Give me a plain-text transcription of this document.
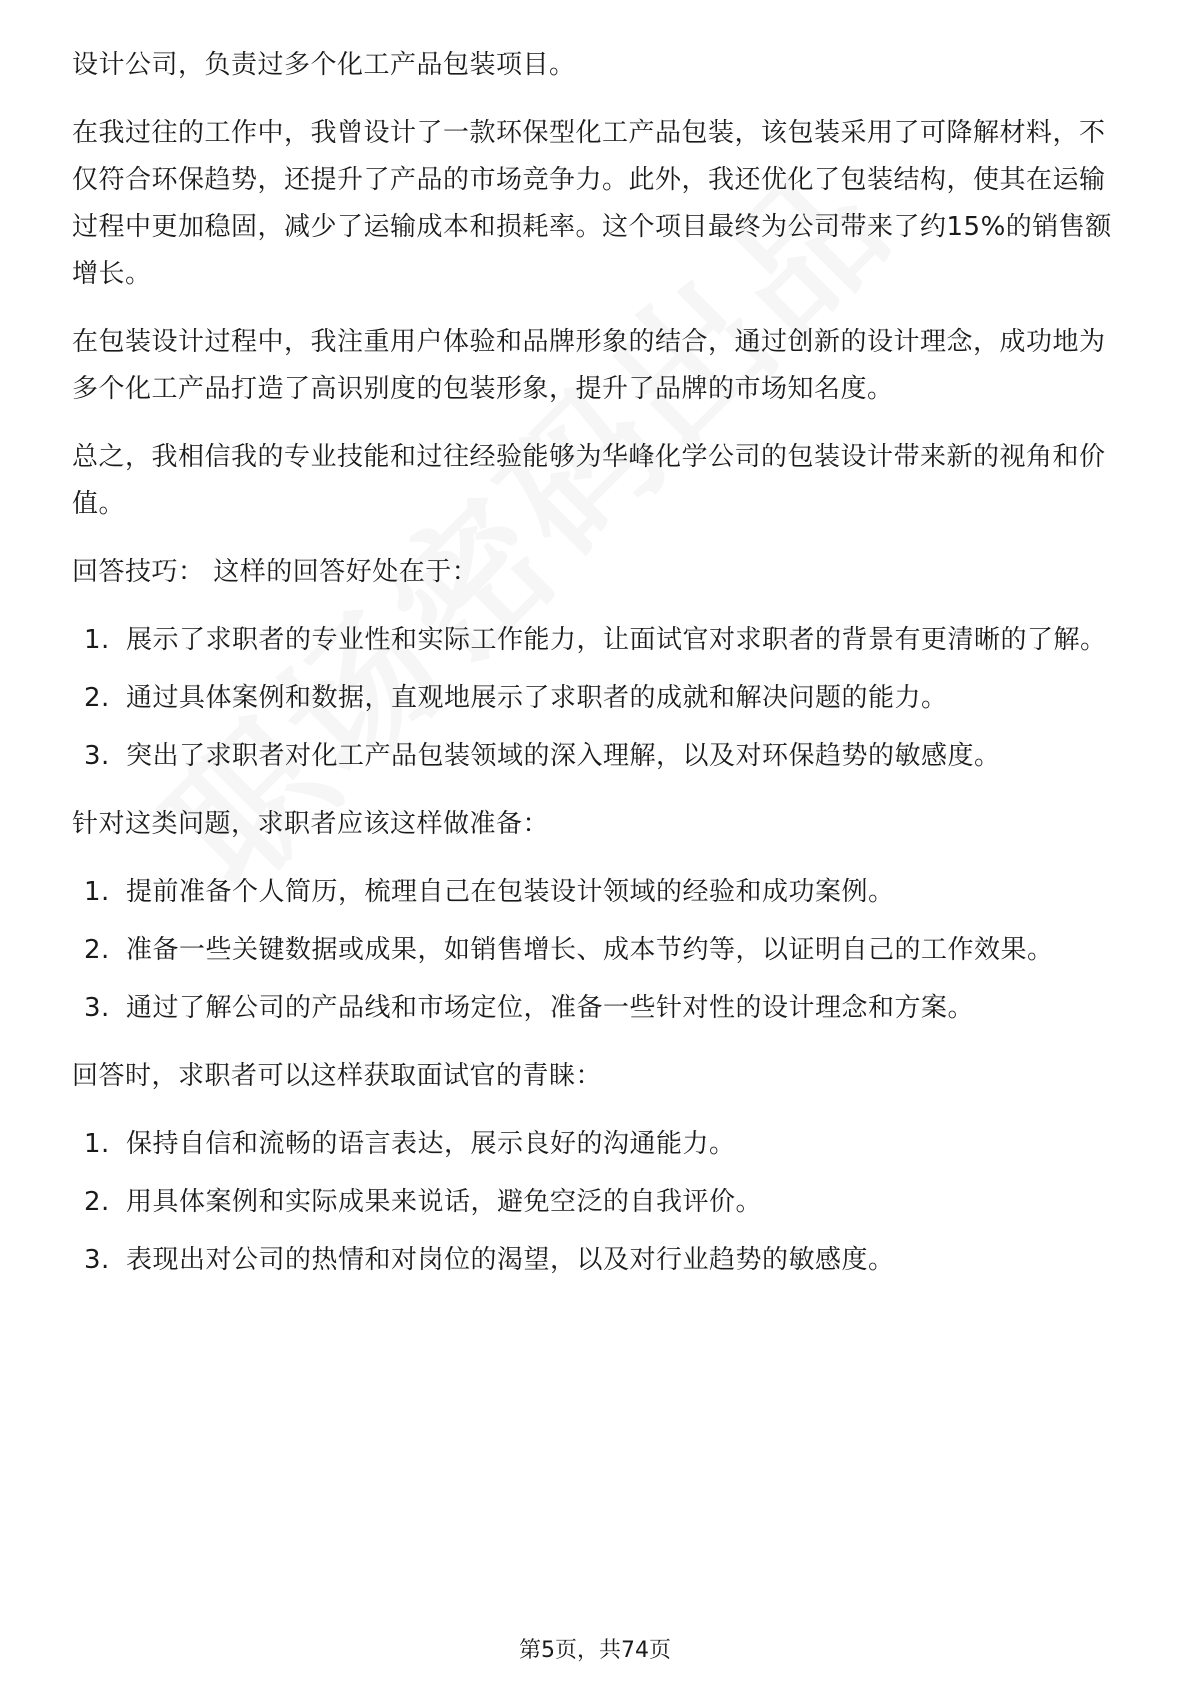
设计公司，负责过多个化工产品包装项目。

在我过往的工作中，我曾设计了一款环保型化工产品包装，该包装采用了可降解材料，不仅符合环保趋势，还提升了产品的市场竞争力。此外，我还优化了包装结构，使其在运输过程中更加稳固，减少了运输成本和损耗率。这个项目最终为公司带来了约15%的销售额增长。

在包装设计过程中，我注重用户体验和品牌形象的结合，通过创新的设计理念，成功地为多个化工产品打造了高识别度的包装形象，提升了品牌的市场知名度。

总之，我相信我的专业技能和过往经验能够为华峰化学公司的包装设计带来新的视角和价值。

回答技巧： 这样的回答好处在于：

1. 展示了求职者的专业性和实际工作能力，让面试官对求职者的背景有更清晰的了解。
2. 通过具体案例和数据，直观地展示了求职者的成就和解决问题的能力。
3. 突出了求职者对化工产品包装领域的深入理解，以及对环保趋势的敏感度。

针对这类问题，求职者应该这样做准备：

1. 提前准备个人简历，梳理自己在包装设计领域的经验和成功案例。
2. 准备一些关键数据或成果，如销售增长、成本节约等，以证明自己的工作效果。
3. 通过了解公司的产品线和市场定位，准备一些针对性的设计理念和方案。

回答时，求职者可以这样获取面试官的青睐：

1. 保持自信和流畅的语言表达，展示良好的沟通能力。
2. 用具体案例和实际成果来说话，避免空泛的自我评价。
3. 表现出对公司的热情和对岗位的渴望，以及对行业趋势的敏感度。
第5页，共74页
